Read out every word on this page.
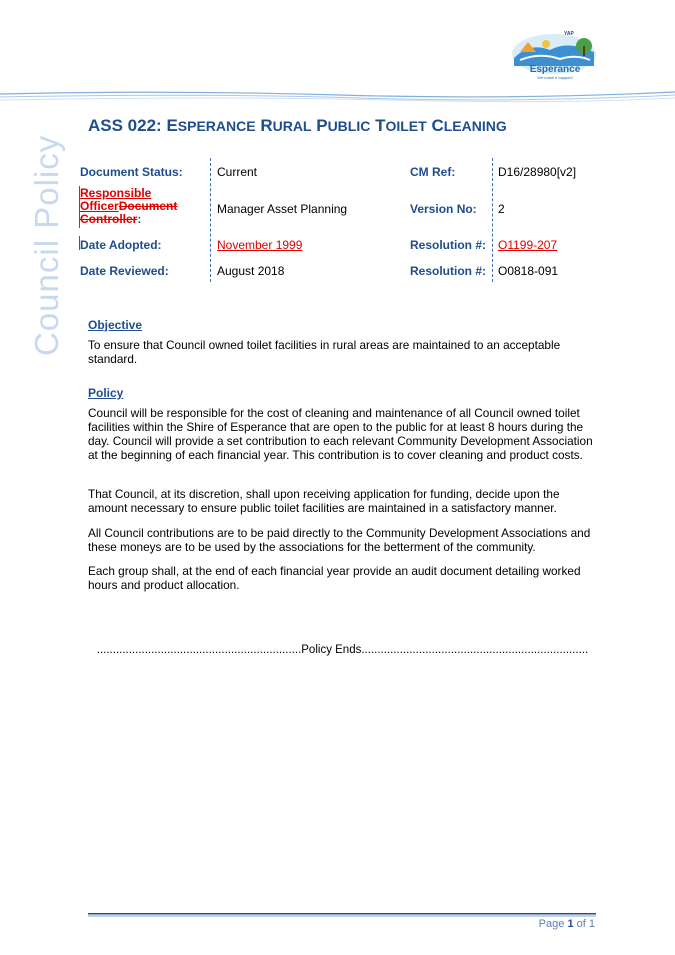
Esperance
We make it happen!
YAP
Council Policy
ASS 022: ESPERANCE RURAL PUBLIC TOILET CLEANING
Document Status:	Current	CM Ref:	D16/28980[v2]
Responsible
OfficerDocument
Controller:
Manager Asset Planning	Version No: 2
Date Adopted:	November 1999	Resolution #: O1199-207
Date Reviewed:	August 2018	Resolution #: O0818-091
Objective
To ensure that Council owned toilet facilities in rural areas are maintained to an acceptable standard.
Policy
Council will be responsible for the cost of cleaning and maintenance of all Council owned toilet facilities within the Shire of Esperance that are open to the public for at least 8 hours during the day. Council will provide a set contribution to each relevant Community Development Association at the beginning of each financial year. This contribution is to cover cleaning and product costs.
That Council, at its discretion, shall upon receiving application for funding, decide upon the amount necessary to ensure public toilet facilities are maintained in a satisfactory manner.
All Council contributions are to be paid directly to the Community Development Associations and these moneys are to be used by the associations for the betterment of the community.
Each group shall, at the end of each financial year provide an audit document detailing worked hours and product allocation.
................................................................Policy Ends.......................................................................
Page 1 of 1
